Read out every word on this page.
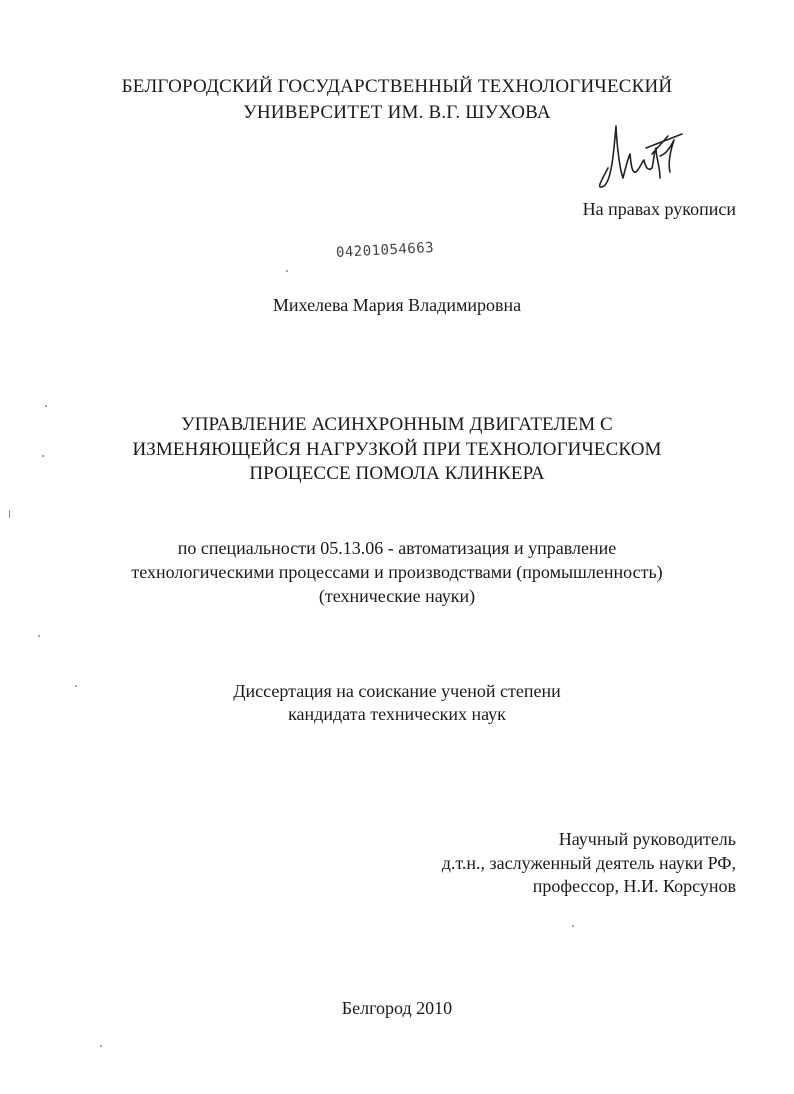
БЕЛГОРОДСКИЙ ГОСУДАРСТВЕННЫЙ ТЕХНОЛОГИЧЕСКИЙ
УНИВЕРСИТЕТ ИМ. В.Г. ШУХОВА
На правах рукописи
04201054663
Михелева Мария Владимировна
УПРАВЛЕНИЕ АСИНХРОННЫМ ДВИГАТЕЛЕМ С
ИЗМЕНЯЮЩЕЙСЯ НАГРУЗКОЙ ПРИ ТЕХНОЛОГИЧЕСКОМ
ПРОЦЕССЕ ПОМОЛА КЛИНКЕРА
по специальности 05.13.06 - автоматизация и управление
технологическими процессами и производствами (промышленность)
(технические науки)
Диссертация на соискание ученой степени
кандидата технических наук
Научный руководитель
д.т.н., заслуженный деятель науки РФ,
профессор, Н.И. Корсунов
Белгород 2010
